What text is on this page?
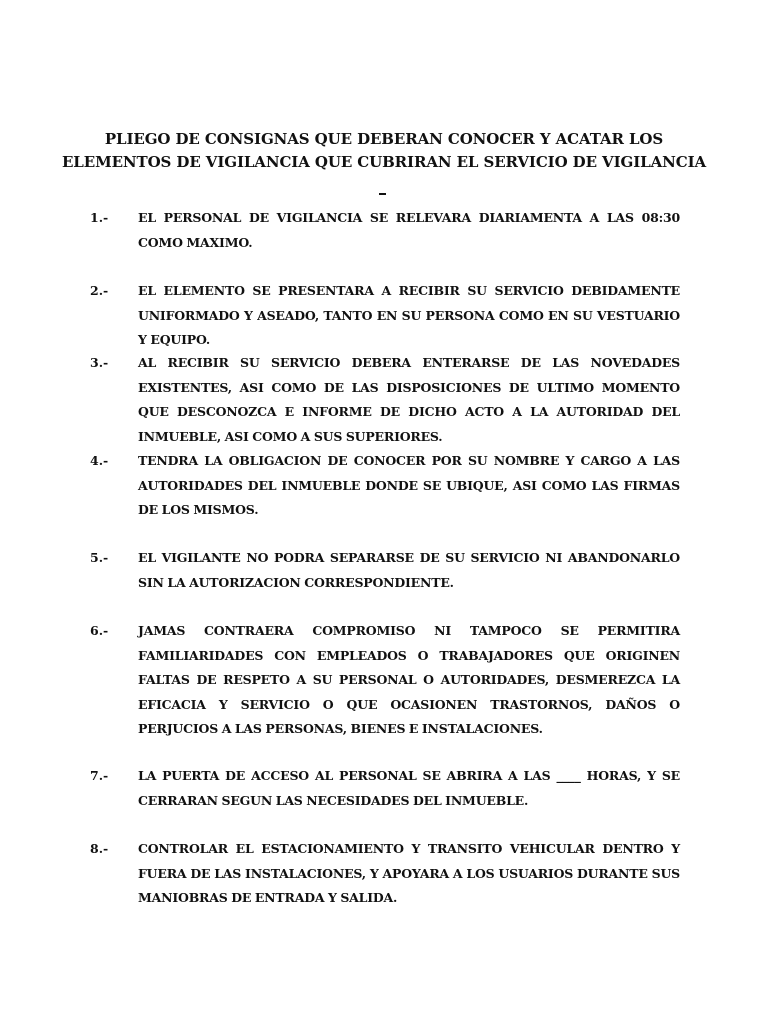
PLIEGO DE CONSIGNAS QUE DEBERAN CONOCER Y ACATAR LOS
ELEMENTOS DE VIGILANCIA QUE CUBRIRAN EL SERVICIO DE VIGILANCIA
1.- EL PERSONAL DE VIGILANCIA SE RELEVARA DIARIAMENTA A LAS 08:30 COMO MAXIMO.
2.- EL ELEMENTO SE PRESENTARA A RECIBIR SU SERVICIO DEBIDAMENTE UNIFORMADO Y ASEADO, TANTO EN SU PERSONA COMO EN SU VESTUARIO Y EQUIPO.
3.- AL RECIBIR SU SERVICIO DEBERA ENTERARSE DE LAS NOVEDADES EXISTENTES, ASI COMO DE LAS DISPOSICIONES DE ULTIMO MOMENTO QUE DESCONOZCA E INFORME DE DICHO ACTO A LA AUTORIDAD DEL INMUEBLE, ASI COMO A SUS SUPERIORES.
4.- TENDRA LA OBLIGACION DE CONOCER POR SU NOMBRE Y CARGO A LAS AUTORIDADES DEL INMUEBLE DONDE SE UBIQUE, ASI COMO LAS FIRMAS DE LOS MISMOS.
5.- EL VIGILANTE NO PODRA SEPARARSE DE SU SERVICIO NI ABANDONARLO SIN LA AUTORIZACION CORRESPONDIENTE.
6.- JAMAS CONTRAERA COMPROMISO NI TAMPOCO SE PERMITIRA FAMILIARIDADES CON EMPLEADOS O TRABAJADORES QUE ORIGINEN FALTAS DE RESPETO A SU PERSONAL O AUTORIDADES, DESMEREZCA LA EFICACIA Y SERVICIO O QUE OCASIONEN TRASTORNOS, DAÑOS O PERJUCIOS A LAS PERSONAS, BIENES E INSTALACIONES.
7.- LA PUERTA DE ACCESO AL PERSONAL SE ABRIRA A LAS ____ HORAS, Y SE CERRARAN SEGUN LAS NECESIDADES DEL INMUEBLE.
8.- CONTROLAR EL ESTACIONAMIENTO Y TRANSITO VEHICULAR DENTRO Y FUERA DE LAS INSTALACIONES, Y APOYARA A LOS USUARIOS DURANTE SUS MANIOBRAS DE ENTRADA Y SALIDA.
